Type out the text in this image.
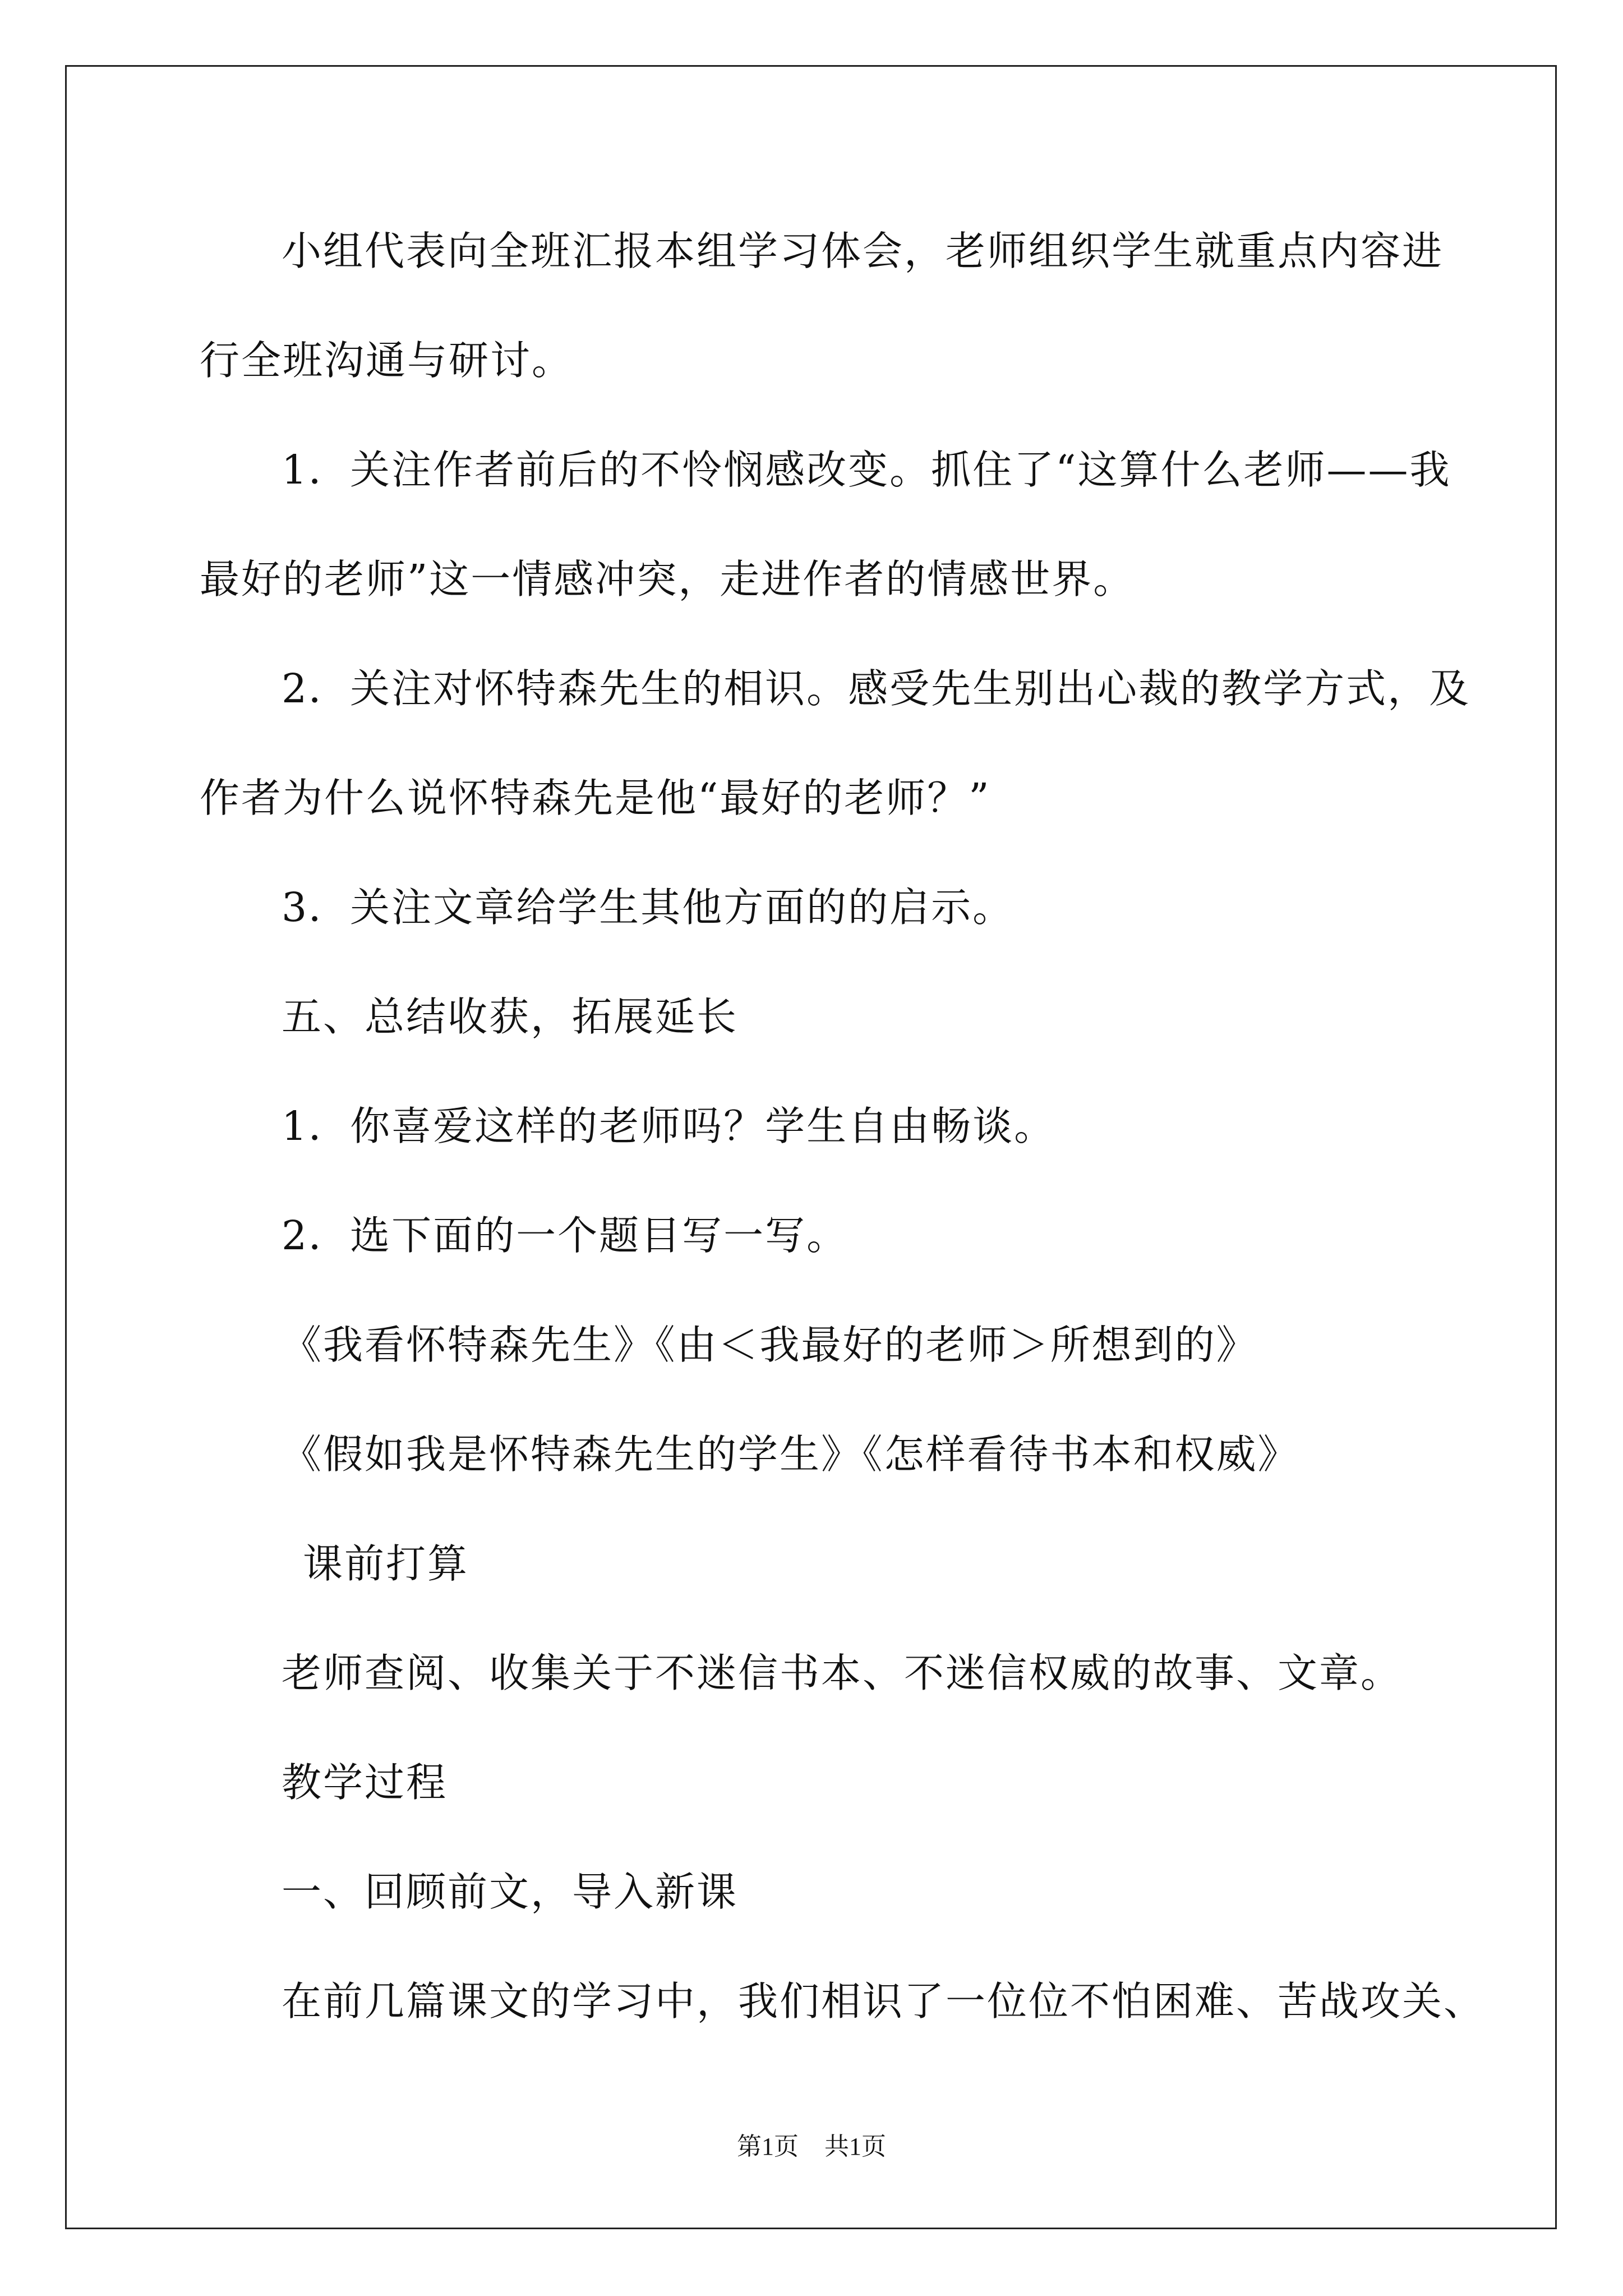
小组代表向全班汇报本组学习体会，老师组织学生就重点内容进
行全班沟通与研讨。
1．关注作者前后的不怜悯感改变。抓住了“这算什么老师——我
最好的老师”这一情感冲突，走进作者的情感世界。
2．关注对怀特森先生的相识。感受先生别出心裁的教学方式，及
作者为什么说怀特森先是他“最好的老师？”
3．关注文章给学生其他方面的的启示。
五、总结收获，拓展延长
1．你喜爱这样的老师吗？学生自由畅谈。
2．选下面的一个题目写一写。
《我看怀特森先生》《由＜我最好的老师＞所想到的》
《假如我是怀特森先生的学生》《怎样看待书本和权威》
课前打算
老师查阅、收集关于不迷信书本、不迷信权威的故事、文章。
教学过程
一、回顾前文，导入新课
在前几篇课文的学习中，我们相识了一位位不怕困难、苦战攻关、
第1页 共1页
